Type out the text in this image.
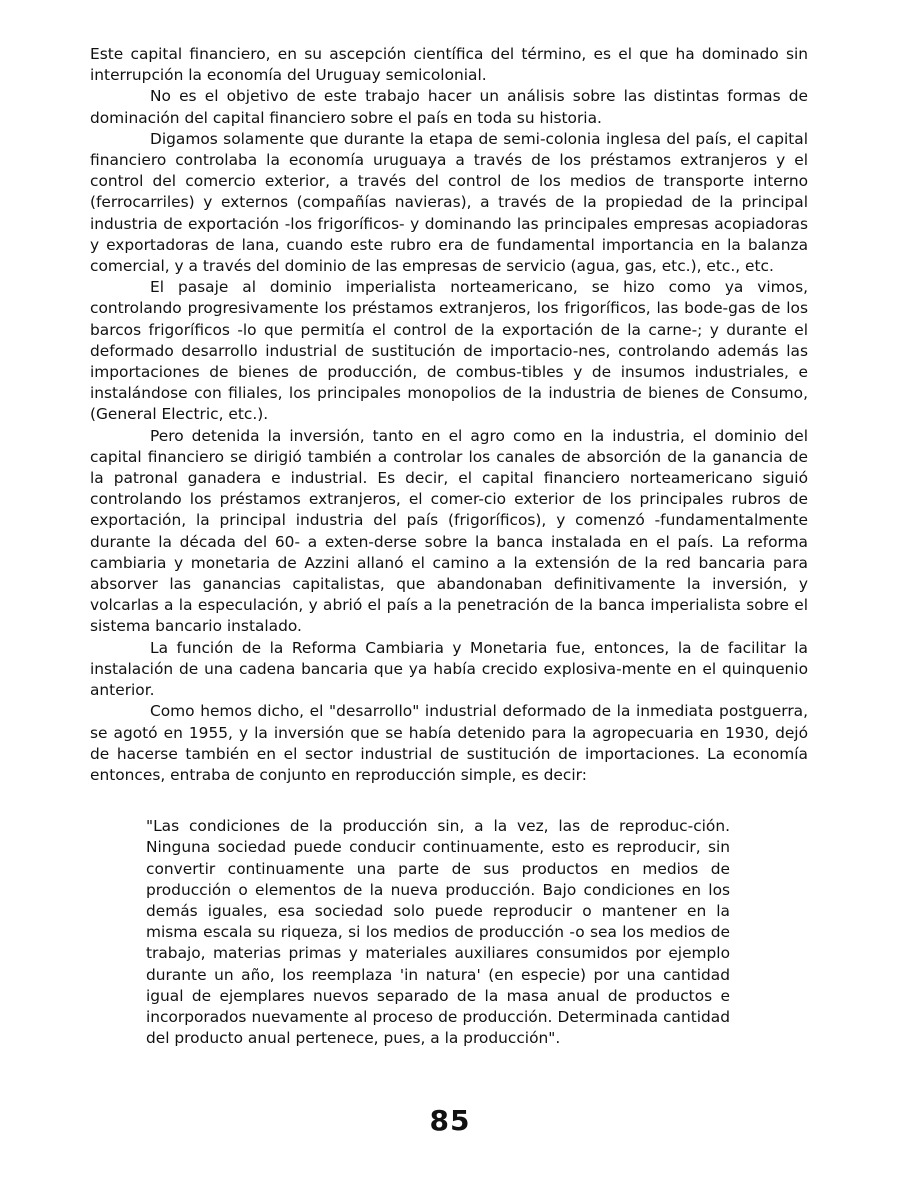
Este capital financiero, en su ascepción científica del término, es el que ha dominado sin interrupción la economía del Uruguay semicolonial.

No es el objetivo de este trabajo hacer un análisis sobre las distintas formas de dominación del capital financiero sobre el país en toda su historia.

Digamos solamente que durante la etapa de semi-colonia inglesa del país, el capital financiero controlaba la economía uruguaya a través de los préstamos extranjeros y el control del comercio exterior, a través del control de los medios de transporte interno (ferrocarriles) y externos (compañías navieras), a través de la propiedad de la principal industria de exportación -los frigoríficos- y dominando las principales empresas acopiadoras y exportadoras de lana, cuando este rubro era de fundamental importancia en la balanza comercial, y a través del dominio de las empresas de servicio (agua, gas, etc.), etc., etc.

El pasaje al dominio imperialista norteamericano, se hizo como ya vimos, controlando progresivamente los préstamos extranjeros, los frigoríficos, las bode-gas de los barcos frigoríficos -lo que permitía el control de la exportación de la carne-; y durante el deformado desarrollo industrial de sustitución de importacio-nes, controlando además las importaciones de bienes de producción, de combus-tibles y de insumos industriales, e instalándose con filiales, los principales monopolios de la industria de bienes de Consumo, (General Electric, etc.).

Pero detenida la inversión, tanto en el agro como en la industria, el dominio del capital financiero se dirigió también a controlar los canales de absorción de la ganancia de la patronal ganadera e industrial. Es decir, el capital financiero norteamericano siguió controlando los préstamos extranjeros, el comer-cio exterior de los principales rubros de exportación, la principal industria del país (frigoríficos), y comenzó -fundamentalmente durante la década del 60- a exten-derse sobre la banca instalada en el país. La reforma cambiaria y monetaria de Azzini allanó el camino a la extensión de la red bancaria para absorver las ganancias capitalistas, que abandonaban definitivamente la inversión, y volcarlas a la especulación, y abrió el país a la penetración de la banca imperialista sobre el sistema bancario instalado.

La función de la Reforma Cambiaria y Monetaria fue, entonces, la de facilitar la instalación de una cadena bancaria que ya había crecido explosiva-mente en el quinquenio anterior.

Como hemos dicho, el "desarrollo" industrial deformado de la inmediata postguerra, se agotó en 1955, y la inversión que se había detenido para la agropecuaria en 1930, dejó de hacerse también en el sector industrial de sustitución de importaciones. La economía entonces, entraba de conjunto en reproducción simple, es decir:

"Las condiciones de la producción sin, a la vez, las de reproduc-ción. Ninguna sociedad puede conducir continuamente, esto es reproducir, sin convertir continuamente una parte de sus productos en medios de producción o elementos de la nueva producción. Bajo condiciones en los demás iguales, esa sociedad solo puede reproducir o mantener en la misma escala su riqueza, si los medios de producción -o sea los medios de trabajo, materias primas y materiales auxiliares consumidos por ejemplo durante un año, los reemplaza 'in natura' (en especie) por una cantidad igual de ejemplares nuevos separado de la masa anual de productos e incorporados nuevamente al proceso de producción. Determinada cantidad del producto anual pertenece, pues, a la producción".

85
